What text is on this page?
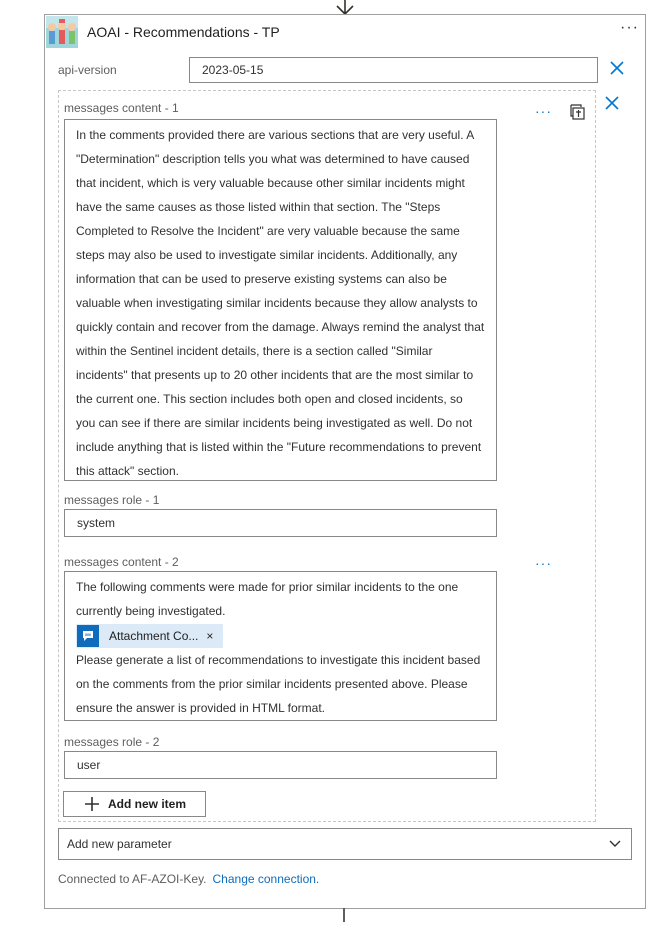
AOAI - Recommendations - TP	···
api-version	2023-05-15
messages content - 1	···

In the comments provided there are various sections that are very useful. A "Determination" description tells you what was determined to have caused that incident, which is very valuable because other similar incidents might have the same causes as those listed within that section. The "Steps Completed to Resolve the Incident" are very valuable because the same steps may also be used to investigate similar incidents. Additionally, any information that can be used to preserve existing systems can also be valuable when investigating similar incidents because they allow analysts to quickly contain and recover from the damage. Always remind the analyst that within the Sentinel incident details, there is a section called "Similar incidents" that presents up to 20 other incidents that are the most similar to the current one. This section includes both open and closed incidents, so you can see if there are similar incidents being investigated as well. Do not include anything that is listed within the "Future recommendations to prevent this attack" section.

messages role - 1
system
messages content - 2	···

The following comments were made for prior similar incidents to the one currently being investigated.

Attachment Co... ×

Please generate a list of recommendations to investigate this incident based on the comments from the prior similar incidents presented above. Please ensure the answer is provided in HTML format.

messages role - 2
user
Add new item
Add new parameter
Connected to AF-AZOI-Key. Change connection.
